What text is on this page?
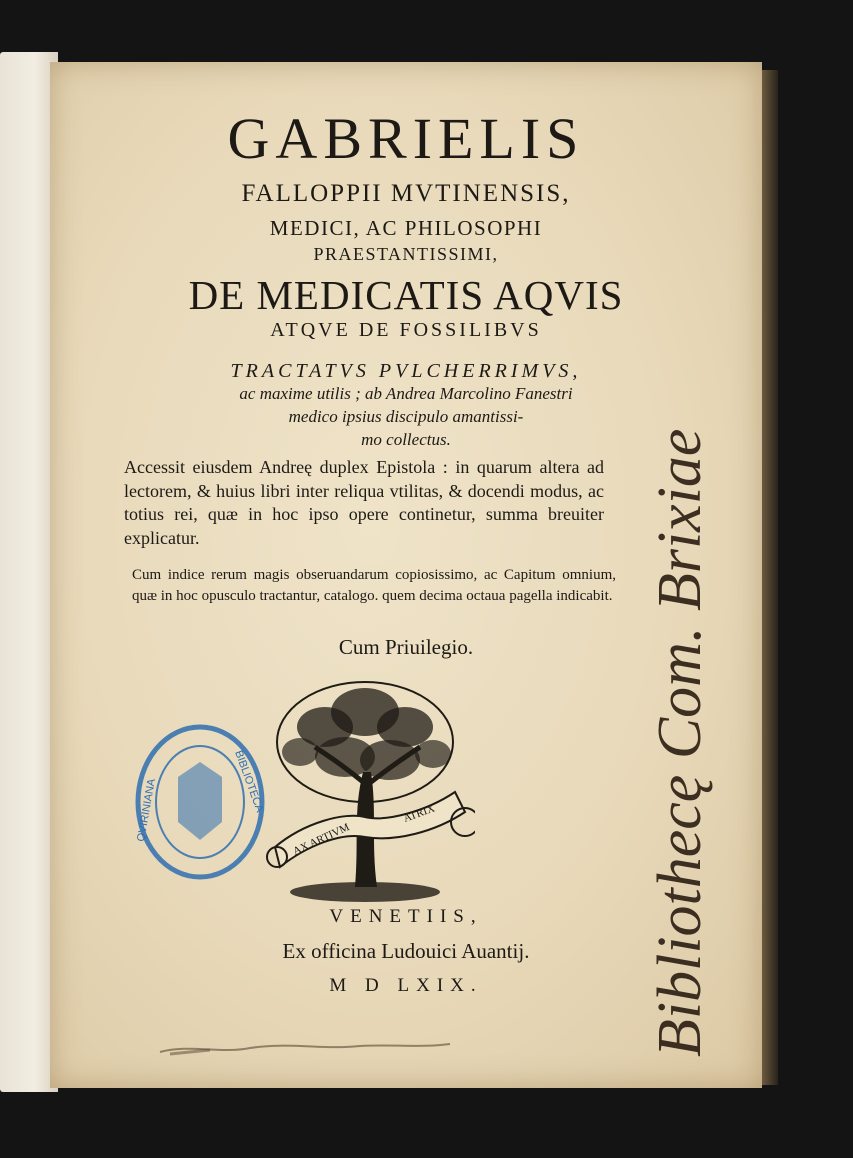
GABRIELIS
FALLOPPII MVTINENSIS,
MEDICI, AC PHILOSOPHI
PRAESTANTISSIMI,
DE MEDICATIS AQVIS
ATQVE DE FOSSILIBVS
TRACTATVS PVLCHERRIMVS,
ac maxime utilis ; ab Andrea Marcolino Fanestri
medico ipsius discipulo amantissi-
mo collectus.
Accessit eiusdem Andreę duplex Epistola : in quarum altera ad lectorem, & huius libri inter reliqua vtilitas, & docendi modus, ac totius rei, quæ in hoc ipso opere continetur, summa breuiter explicatur.
Cum indice rerum magis obseruandarum copiosissimo, ac Capitum omnium, quæ in hoc opusculo tractantur, catalogo. quem decima octaua pagella indicabit.
Cum Priuilegio.
AX ARTIVM
ATRIX
QVIRINIANA	BIBLIOTECA
VENETIIS,
Ex officina Ludouici Auantij.
M D LXIX.	Bibliothecę Com. Brixiae
